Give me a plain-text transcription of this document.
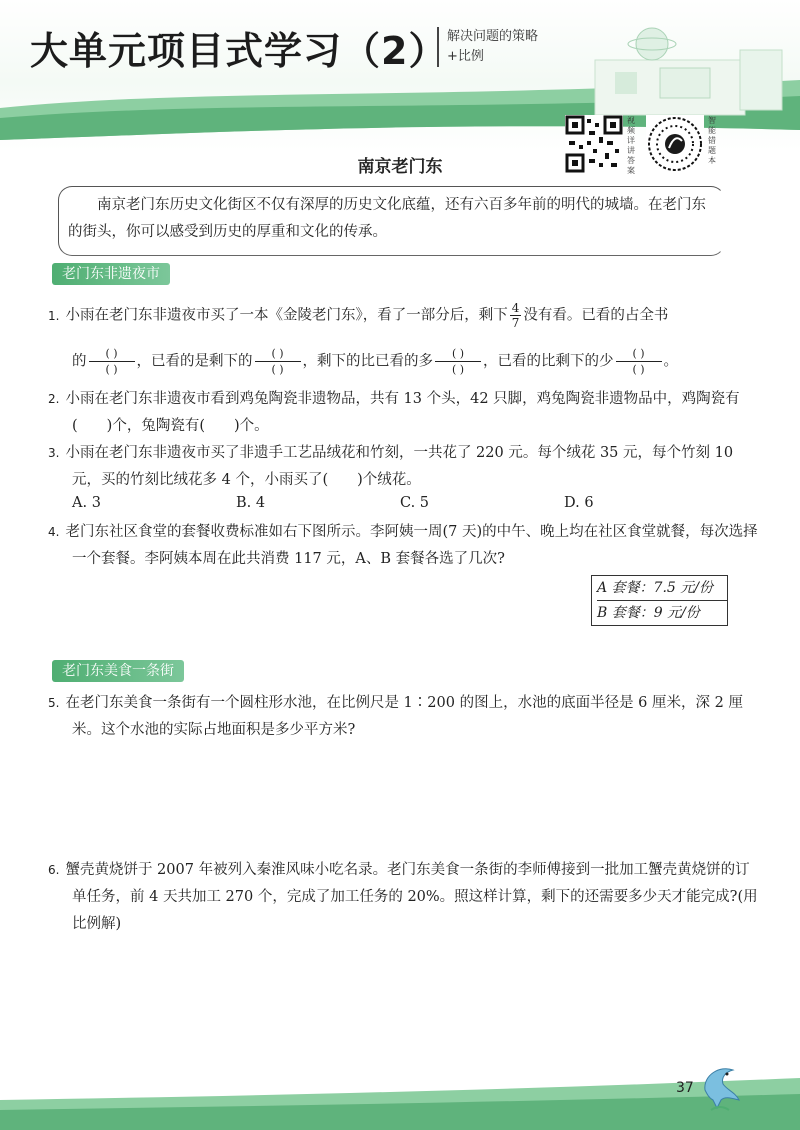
大单元项目式学习（2） 解决问题的策略
+比例
视频详讲答案
智能错题本
南京老门东
南京老门东历史文化街区不仅有深厚的历史文化底蕴，还有六百多年前的明代的城墙。在老门东的街头，你可以感受到历史的厚重和文化的传承。
老门东非遗夜市
1. 小雨在老门东非遗夜市买了一本《金陵老门东》，看了一部分后，剩下 $\frac{4}{7}$ 没有看。已看的占全书
的	( )
( ) ，已看的是剩下的	( )
( ) ，剩下的比已看的多	( )
( ) ，已看的比剩下的少	( )
( ) 。
2. 小雨在老门东非遗夜市看到鸡兔陶瓷非遗物品，共有 13 个头，42 只脚，鸡兔陶瓷非遗物品中，鸡陶瓷有(　　)个，兔陶瓷有(　　)个。
3. 小雨在老门东非遗夜市买了非遗手工艺品绒花和竹刻，一共花了 220 元。每个绒花 35 元，每个竹刻 10 元，买的竹刻比绒花多 4 个，小雨买了(　　)个绒花。
A. 3	B. 4	C. 5	D. 6
4. 老门东社区食堂的套餐收费标准如右下图所示。李阿姨一周(7 天)的中午、晚上均在社区食堂就餐，每次选择一个套餐。李阿姨本周在此共消费 117 元，A、B 套餐各选了几次?
A 套餐：7.5 元/份
B 套餐：9 元/份
老门东美食一条街
5. 在老门东美食一条街有一个圆柱形水池，在比例尺是 1∶200 的图上，水池的底面半径是 6 厘米，深 2 厘米。这个水池的实际占地面积是多少平方米?
6. 蟹壳黄烧饼于 2007 年被列入秦淮风味小吃名录。老门东美食一条街的李师傅接到一批加工蟹壳黄烧饼的订单任务，前 4 天共加工 270 个，完成了加工任务的 20%。照这样计算，剩下的还需要多少天才能完成?(用比例解)
37
